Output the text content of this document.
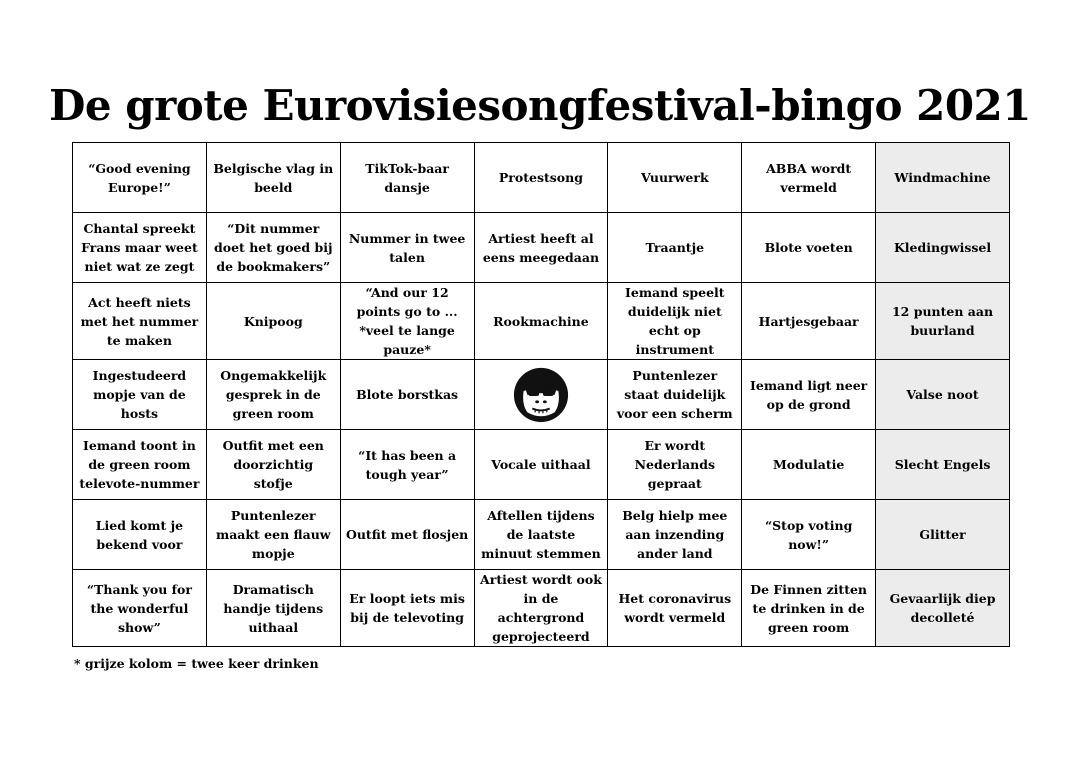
De grote Eurovisiesongfestival-bingo 2021
“Good evening Europe!”	Belgische vlag in beeld	TikTok-baar dansje	Protestsong	Vuurwerk	ABBA wordt vermeld	Windmachine
Chantal spreekt Frans maar weet niet wat ze zegt	“Dit nummer doet het goed bij de bookmakers”	Nummer in twee talen	Artiest heeft al eens meegedaan	Traantje	Blote voeten	Kledingwissel
Act heeft niets met het nummer te maken	Knipoog	“And our 12 points go to ... *veel te lange pauze*	Rookmachine	Iemand speelt duidelijk niet echt op instrument	Hartjesgebaar	12 punten aan buurland
Ingestudeerd mopje van de hosts	Ongemakkelijk gesprek in de green room	Blote borstkas		Puntenlezer staat duidelijk voor een scherm	Iemand ligt neer op de grond	Valse noot
Iemand toont in de green room televote-nummer	Outfit met een doorzichtig stofje	“It has been a tough year”	Vocale uithaal	Er wordt Nederlands gepraat	Modulatie	Slecht Engels
Lied komt je bekend voor	Puntenlezer maakt een flauw mopje	Outfit met flosjen	Aftellen tijdens de laatste minuut stemmen	Belg hielp mee aan inzending ander land	“Stop voting now!”	Glitter
“Thank you for the wonderful show”	Dramatisch handje tijdens uithaal	Er loopt iets mis bij de televoting	Artiest wordt ook in de achtergrond geprojecteerd	Het coronavirus wordt vermeld	De Finnen zitten te drinken in de green room	Gevaarlijk diep decolleté
* grijze kolom = twee keer drinken
